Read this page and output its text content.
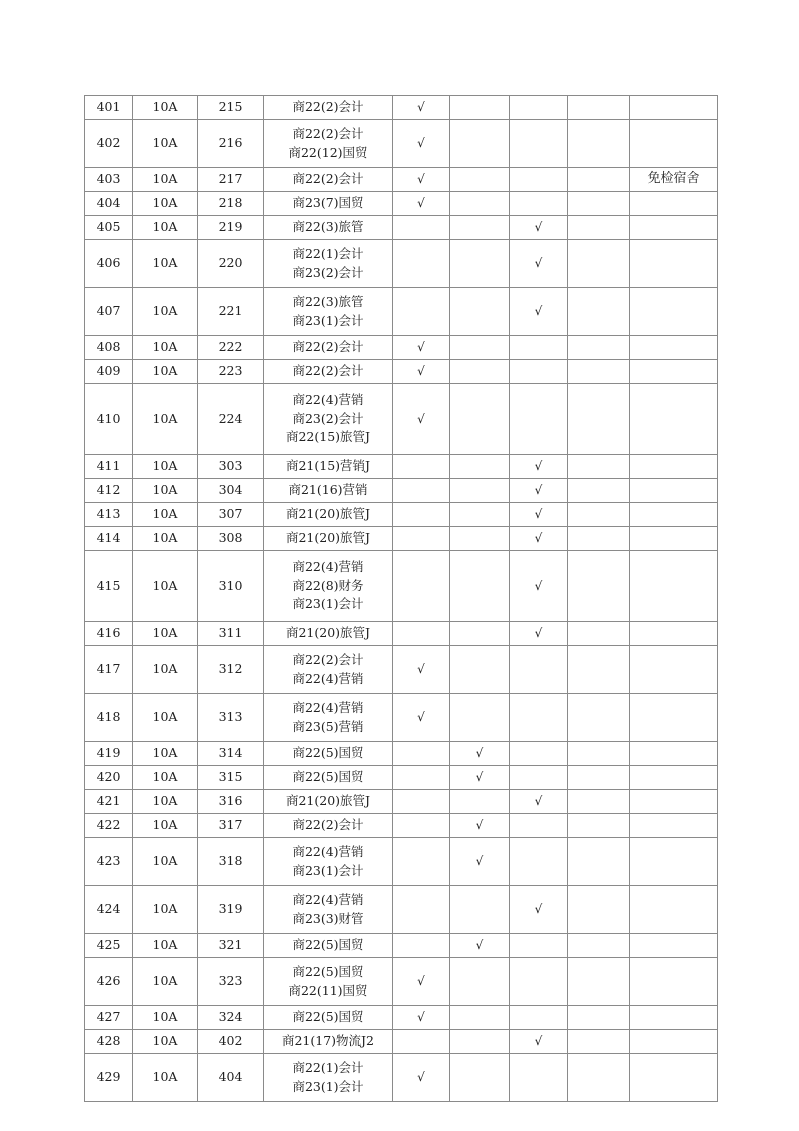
401	10A	215	商22(2)会计	√				
402	10A	216	商22(2)会计
商22(12)国贸	√				
403	10A	217	商22(2)会计	√				免检宿舍
404	10A	218	商23(7)国贸	√				
405	10A	219	商22(3)旅管			√		
406	10A	220	商22(1)会计
商23(2)会计			√		
407	10A	221	商22(3)旅管
商23(1)会计			√		
408	10A	222	商22(2)会计	√				
409	10A	223	商22(2)会计	√				
410	10A	224	商22(4)营销
商23(2)会计
商22(15)旅管J	√				
411	10A	303	商21(15)营销J			√		
412	10A	304	商21(16)营销			√		
413	10A	307	商21(20)旅管J			√		
414	10A	308	商21(20)旅管J			√		
415	10A	310	商22(4)营销
商22(8)财务
商23(1)会计			√		
416	10A	311	商21(20)旅管J			√		
417	10A	312	商22(2)会计
商22(4)营销	√				
418	10A	313	商22(4)营销
商23(5)营销	√				
419	10A	314	商22(5)国贸		√			
420	10A	315	商22(5)国贸		√			
421	10A	316	商21(20)旅管J			√		
422	10A	317	商22(2)会计		√			
423	10A	318	商22(4)营销
商23(1)会计		√			
424	10A	319	商22(4)营销
商23(3)财管			√		
425	10A	321	商22(5)国贸		√			
426	10A	323	商22(5)国贸
商22(11)国贸	√				
427	10A	324	商22(5)国贸	√				
428	10A	402	商21(17)物流J2			√		
429	10A	404	商22(1)会计
商23(1)会计	√				
